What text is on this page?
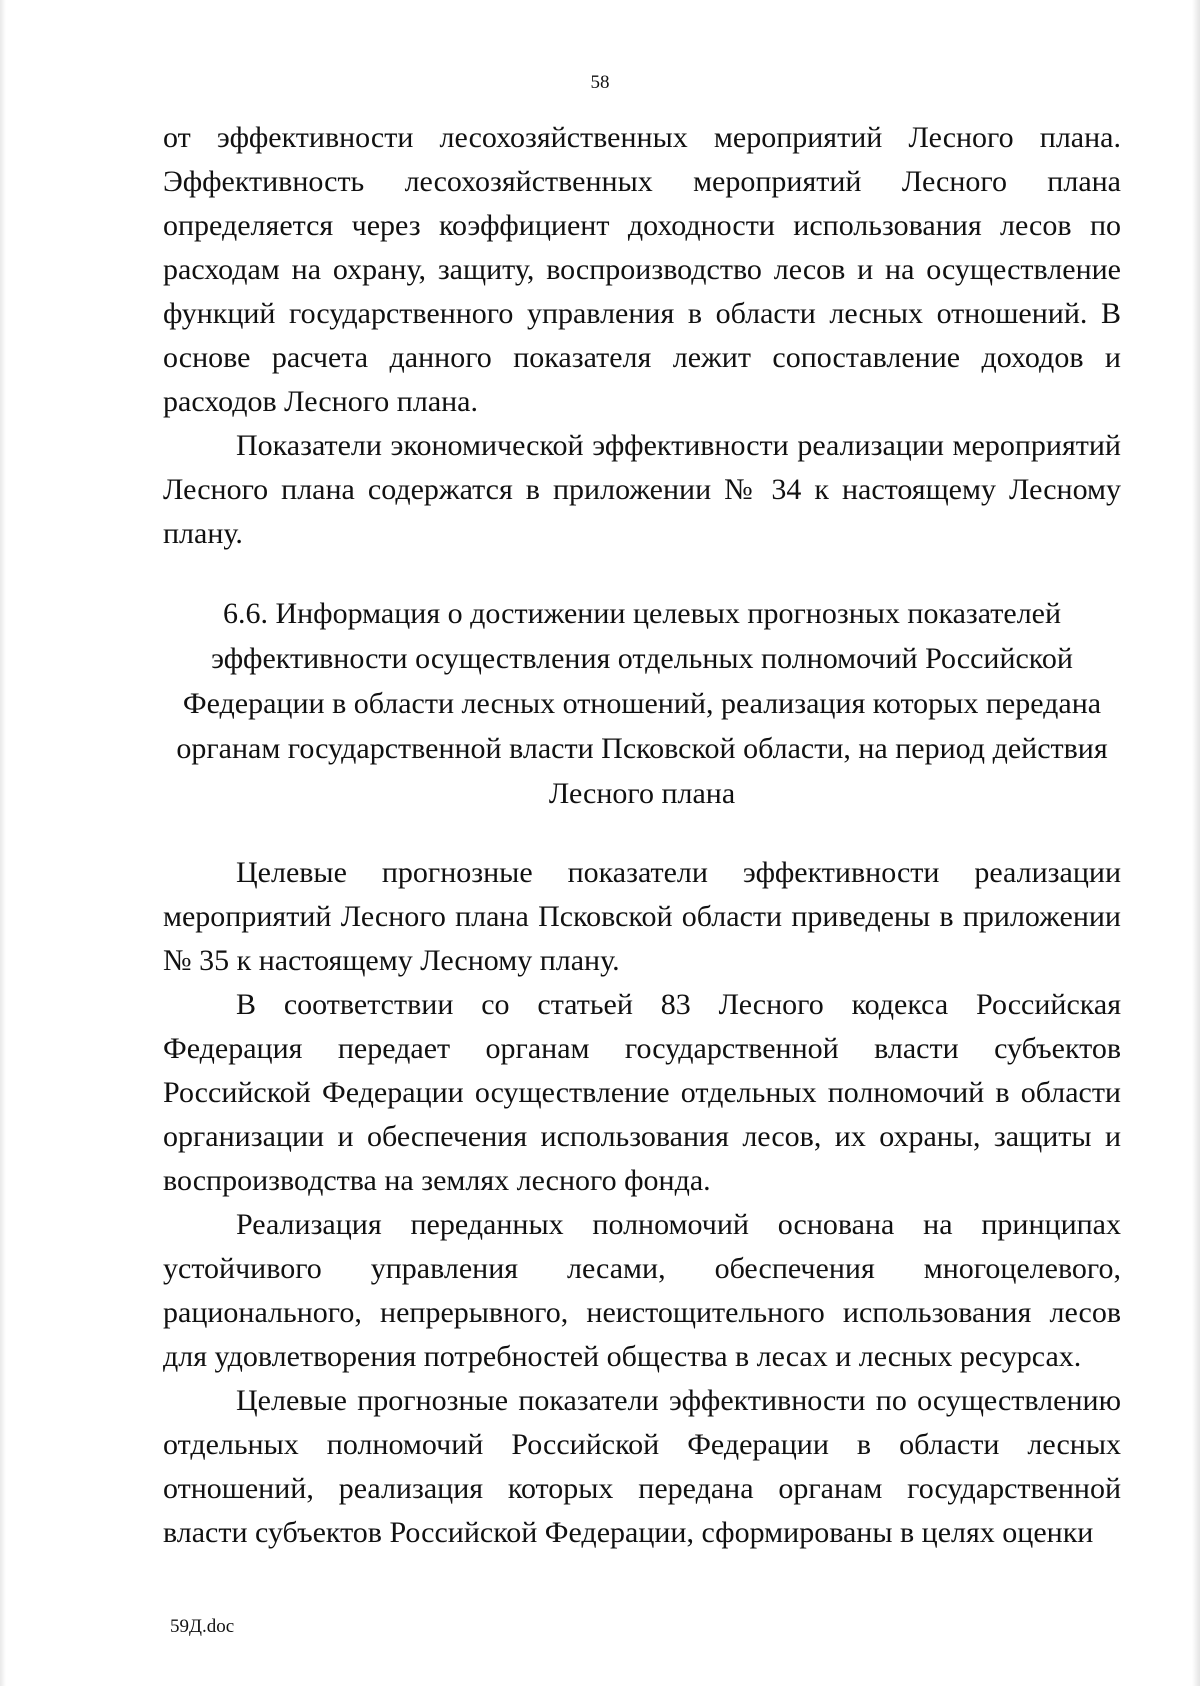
58

от эффективности лесохозяйственных мероприятий Лесного плана. Эффективность лесохозяйственных мероприятий Лесного плана определяется через коэффициент доходности использования лесов по расходам на охрану, защиту, воспроизводство лесов и на осуществление функций государственного управления в области лесных отношений. В основе расчета данного показателя лежит сопоставление доходов и расходов Лесного плана.

Показатели экономической эффективности реализации мероприятий Лесного плана содержатся в приложении № 34 к настоящему Лесному плану.

6.6. Информация о достижении целевых прогнозных показателей эффективности осуществления отдельных полномочий Российской Федерации в области лесных отношений, реализация которых передана органам государственной власти Псковской области, на период действия Лесного плана

Целевые прогнозные показатели эффективности реализации мероприятий Лесного плана Псковской области приведены в приложении № 35 к настоящему Лесному плану.

В соответствии со статьей 83 Лесного кодекса Российская Федерация передает органам государственной власти субъектов Российской Федерации осуществление отдельных полномочий в области организации и обеспечения использования лесов, их охраны, защиты и воспроизводства на землях лесного фонда.

Реализация переданных полномочий основана на принципах устойчивого управления лесами, обеспечения многоцелевого, рационального, непрерывного, неистощительного использования лесов для удовлетворения потребностей общества в лесах и лесных ресурсах.

Целевые прогнозные показатели эффективности по осуществлению отдельных полномочий Российской Федерации в области лесных отношений, реализация которых передана органам государственной власти субъектов Российской Федерации, сформированы в целях оценки

59Д.doc
